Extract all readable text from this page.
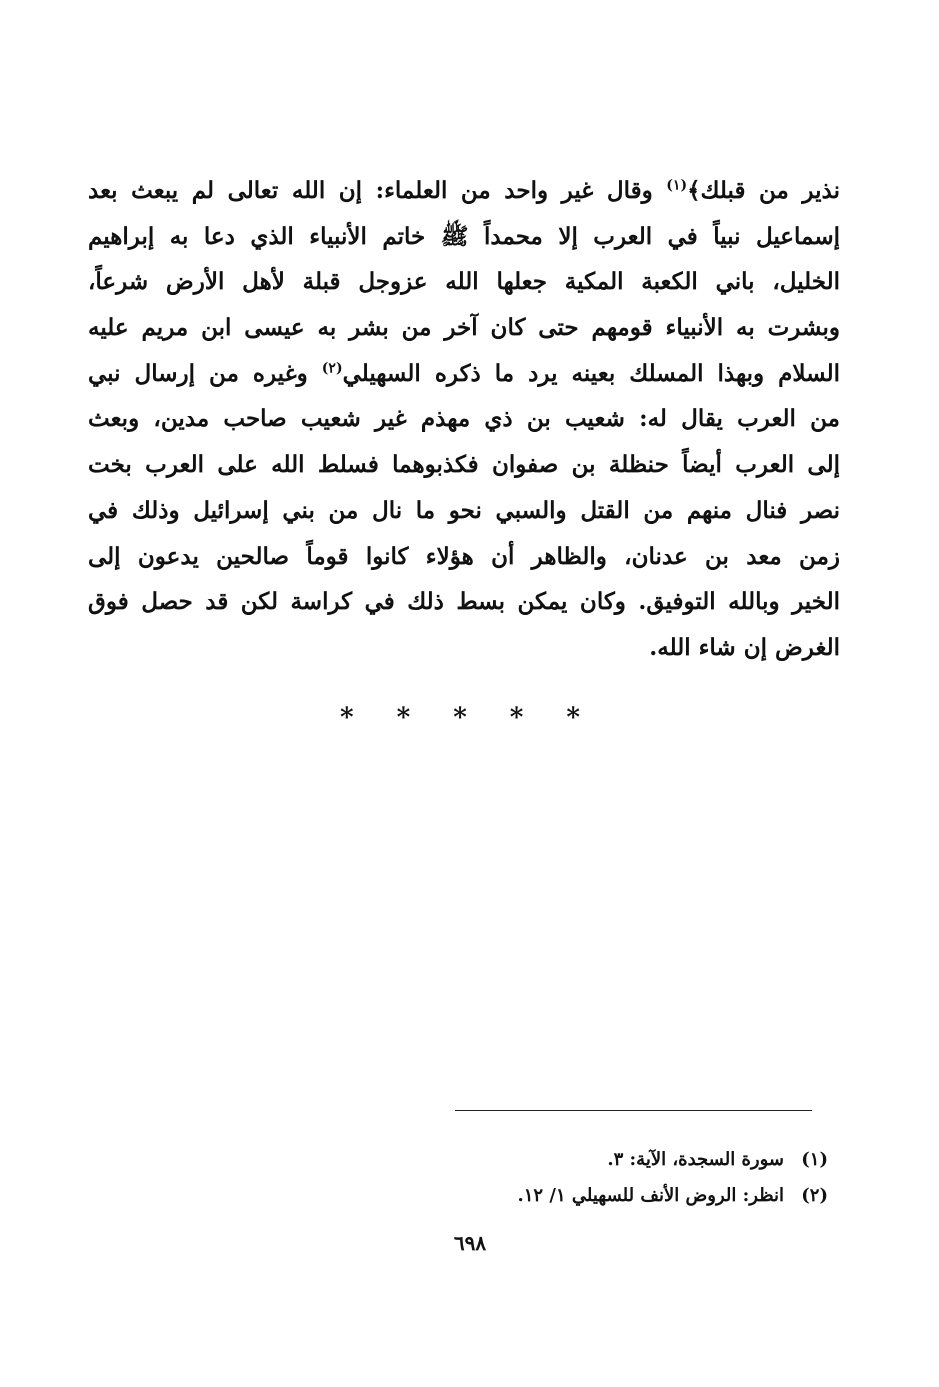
نذير من قبلك﴾$^{(١)}$ وقال غير واحد من العلماء: إن الله تعالى لم يبعث بعد
إسماعيل نبياً في العرب إلا محمداً ﷺ خاتم الأنبياء الذي دعا به إبراهيم
الخليل، باني الكعبة المكية جعلها الله عزوجل قبلة لأهل الأرض شرعاً،
وبشرت به الأنبياء قومهم حتى كان آخر من بشر به عيسى ابن مريم عليه
السلام وبهذا المسلك بعينه يرد ما ذكره السهيلي$^{(٢)}$ وغيره من إرسال نبي
من العرب يقال له: شعيب بن ذي مهذم غير شعيب صاحب مدين، وبعث
إلى العرب أيضاً حنظلة بن صفوان فكذبوهما فسلط الله على العرب بخت
نصر فنال منهم من القتل والسبي نحو ما نال من بني إسرائيل وذلك في
زمن معد بن عدنان، والظاهر أن هؤلاء كانوا قوماً صالحين يدعون إلى
الخير وبالله التوفيق. وكان يمكن بسط ذلك في كراسة لكن قد حصل فوق
الغرض إن شاء الله.
*
*
*
*
*
(١)سورة السجدة، الآية: ٣.
(٢)انظر: الروض الأنف للسهيلي ١/ ١٢.
٦٩٨
